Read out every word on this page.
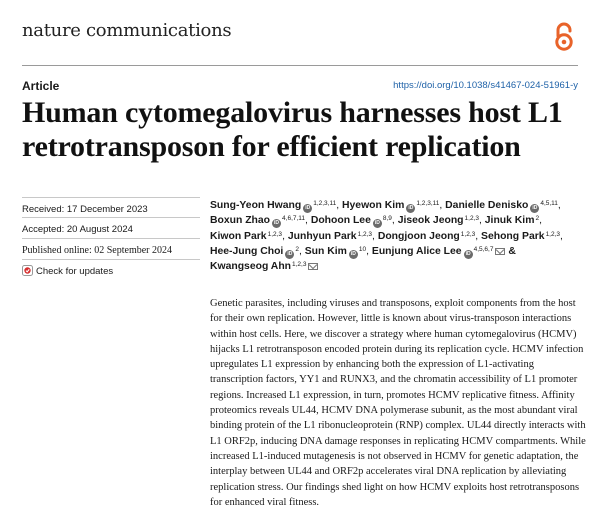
nature communications
Article	https://doi.org/10.1038/s41467-024-51961-y
Human cytomegalovirus harnesses host L1 retrotransposon for efficient replication
Received: 17 December 2023
Accepted: 20 August 2024
Published online: 02 September 2024
Check for updates
Sung-Yeon Hwang iD$^{1,2,3,11}$, Hyewon Kim iD$^{1,2,3,11}$, Danielle Denisko iD$^{4,5,11}$, Boxun Zhao iD$^{4,6,7,11}$, Dohoon Lee iD$^{8,9}$, Jiseok Jeong$^{1,2,3}$, Jinuk Kim$^2$, Kiwon Park$^{1,2,3}$, Junhyun Park$^{1,2,3}$, Dongjoon Jeong$^{1,2,3}$, Sehong Park$^{1,2,3}$, Hee-Jung Choi $iD^2$, Sun Kim $iD^{10}$, Eunjung Alice Lee iD$^{4,5,6,7}$ & Kwangseog Ahn$^{1,2,3}$

Genetic parasites, including viruses and transposons, exploit components from the host for their own replication. However, little is known about virus-transposon interactions within host cells. Here, we discover a strategy where human cytomegalovirus (HCMV) hijacks L1 retrotransposon encoded protein during its replication cycle. HCMV infection upregulates L1 expression by enhancing both the expression of L1-activating transcription factors, YY1 and RUNX3, and the chromatin accessibility of L1 promoter regions. Increased L1 expression, in turn, promotes HCMV replicative fitness. Affinity proteomics reveals UL44, HCMV DNA polymerase subunit, as the most abundant viral binding protein of the L1 ribonucleoprotein (RNP) complex. UL44 directly interacts with L1 ORF2p, inducing DNA damage responses in replicating HCMV compartments. While increased L1-induced mutagenesis is not observed in HCMV for genetic adaptation, the interplay between UL44 and ORF2p accelerates viral DNA replication by alleviating replication stress. Our findings shed light on how HCMV exploits host retrotransposons for enhanced viral fitness.
